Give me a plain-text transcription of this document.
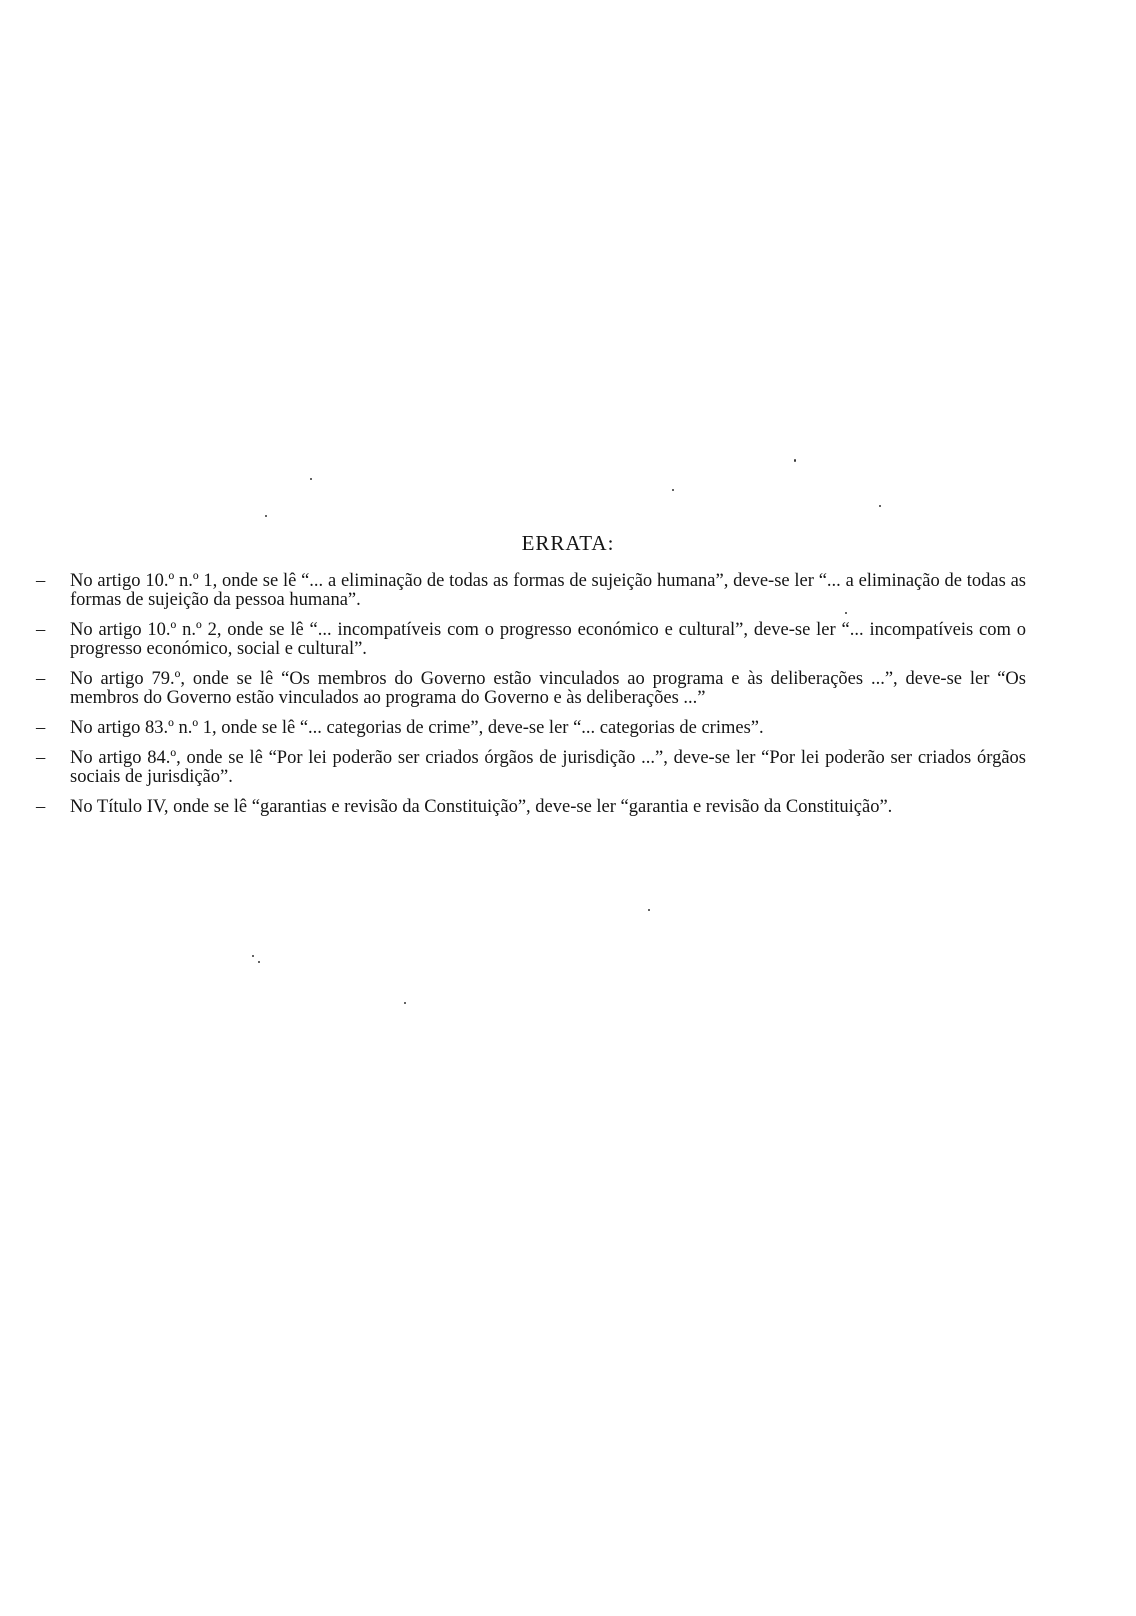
ERRATA:
–	No artigo 10.º n.º 1, onde se lê “... a eliminação de todas as formas de sujeição humana”, deve-se ler “... a eliminação de todas as formas de sujeição da pessoa humana”.
–	No artigo 10.º n.º 2, onde se lê “... incompatíveis com o progresso económico e cultural”, deve-se ler “... incompatíveis com o progresso económico, social e cultural”.
–	No artigo 79.º, onde se lê “Os membros do Governo estão vinculados ao programa e às deliberações ...”, deve-se ler “Os membros do Governo estão vinculados ao programa do Governo e às deliberações ...”
–	No artigo 83.º n.º 1, onde se lê “... categorias de crime”, deve-se ler “... categorias de crimes”.
–	No artigo 84.º, onde se lê “Por lei poderão ser criados órgãos de jurisdição ...”, deve-se ler “Por lei poderão ser criados órgãos sociais de jurisdição”.
–	No Título IV, onde se lê “garantias e revisão da Constituição”, deve-se ler “garantia e revisão da Constituição”.
